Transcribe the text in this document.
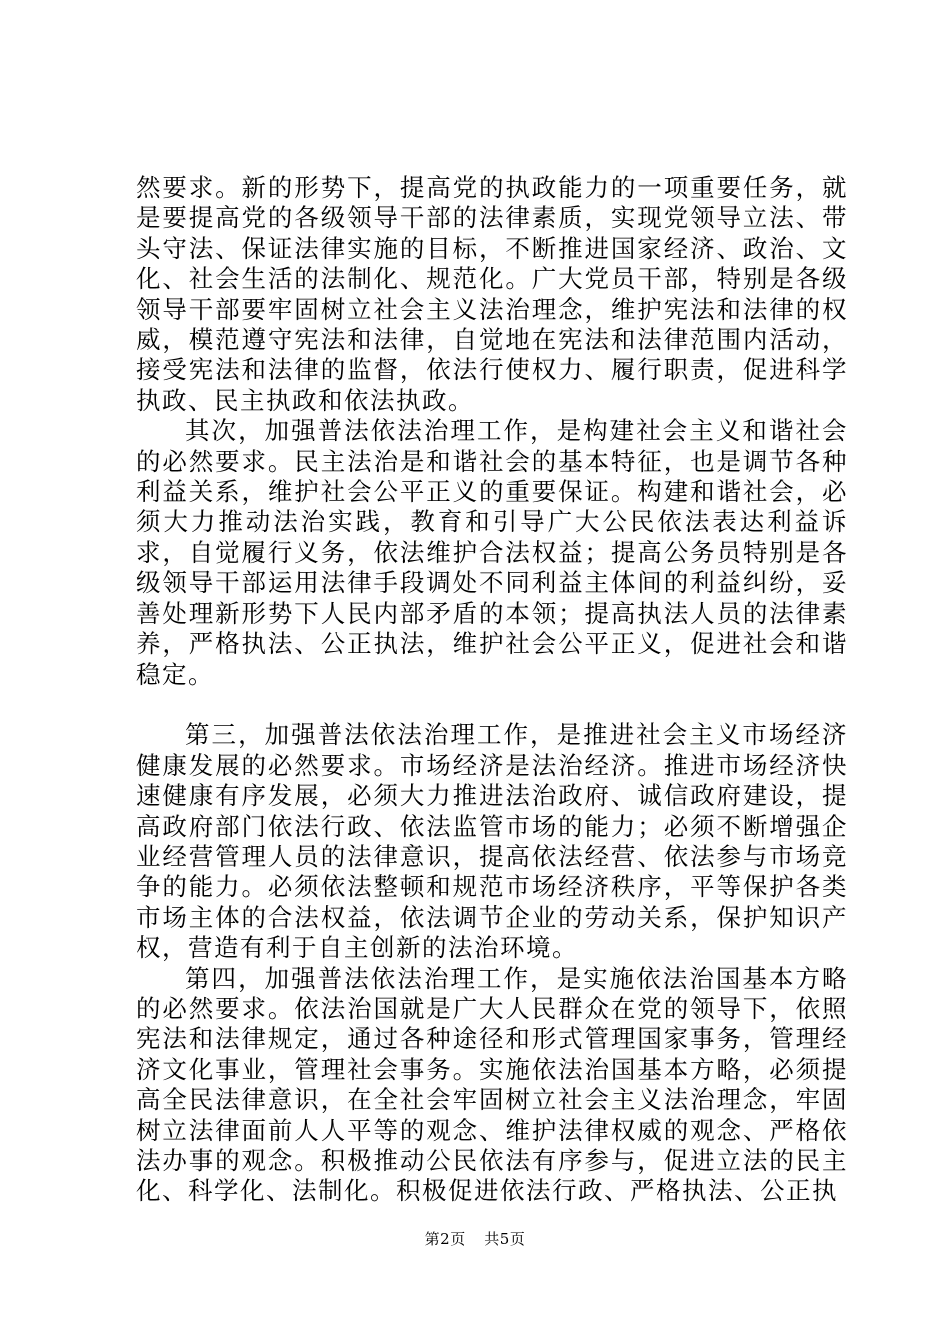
然要求。新的形势下，提高党的执政能力的一项重要任务，就是要提高党的各级领导干部的法律素质，实现党领导立法、带头守法、保证法律实施的目标，不断推进国家经济、政治、文化、社会生活的法制化、规范化。广大党员干部，特别是各级领导干部要牢固树立社会主义法治理念，维护宪法和法律的权威，模范遵守宪法和法律，自觉地在宪法和法律范围内活动，接受宪法和法律的监督，依法行使权力、履行职责，促进科学执政、民主执政和依法执政。

其次，加强普法依法治理工作，是构建社会主义和谐社会的必然要求。民主法治是和谐社会的基本特征，也是调节各种利益关系，维护社会公平正义的重要保证。构建和谐社会，必须大力推动法治实践，教育和引导广大公民依法表达利益诉求，自觉履行义务，依法维护合法权益；提高公务员特别是各级领导干部运用法律手段调处不同利益主体间的利益纠纷，妥善处理新形势下人民内部矛盾的本领；提高执法人员的法律素养，严格执法、公正执法，维护社会公平正义，促进社会和谐稳定。

第三，加强普法依法治理工作，是推进社会主义市场经济健康发展的必然要求。市场经济是法治经济。推进市场经济快速健康有序发展，必须大力推进法治政府、诚信政府建设，提高政府部门依法行政、依法监管市场的能力；必须不断增强企业经营管理人员的法律意识，提高依法经营、依法参与市场竞争的能力。必须依法整顿和规范市场经济秩序，平等保护各类市场主体的合法权益，依法调节企业的劳动关系，保护知识产权，营造有利于自主创新的法治环境。

第四，加强普法依法治理工作，是实施依法治国基本方略的必然要求。依法治国就是广大人民群众在党的领导下，依照宪法和法律规定，通过各种途径和形式管理国家事务，管理经济文化事业，管理社会事务。实施依法治国基本方略，必须提高全民法律意识，在全社会牢固树立社会主义法治理念，牢固树立法律面前人人平等的观念、维护法律权威的观念、严格依法办事的观念。积极推动公民依法有序参与，促进立法的民主化、科学化、法制化。积极促进依法行政、严格执法、公正执

第2页 共5页
